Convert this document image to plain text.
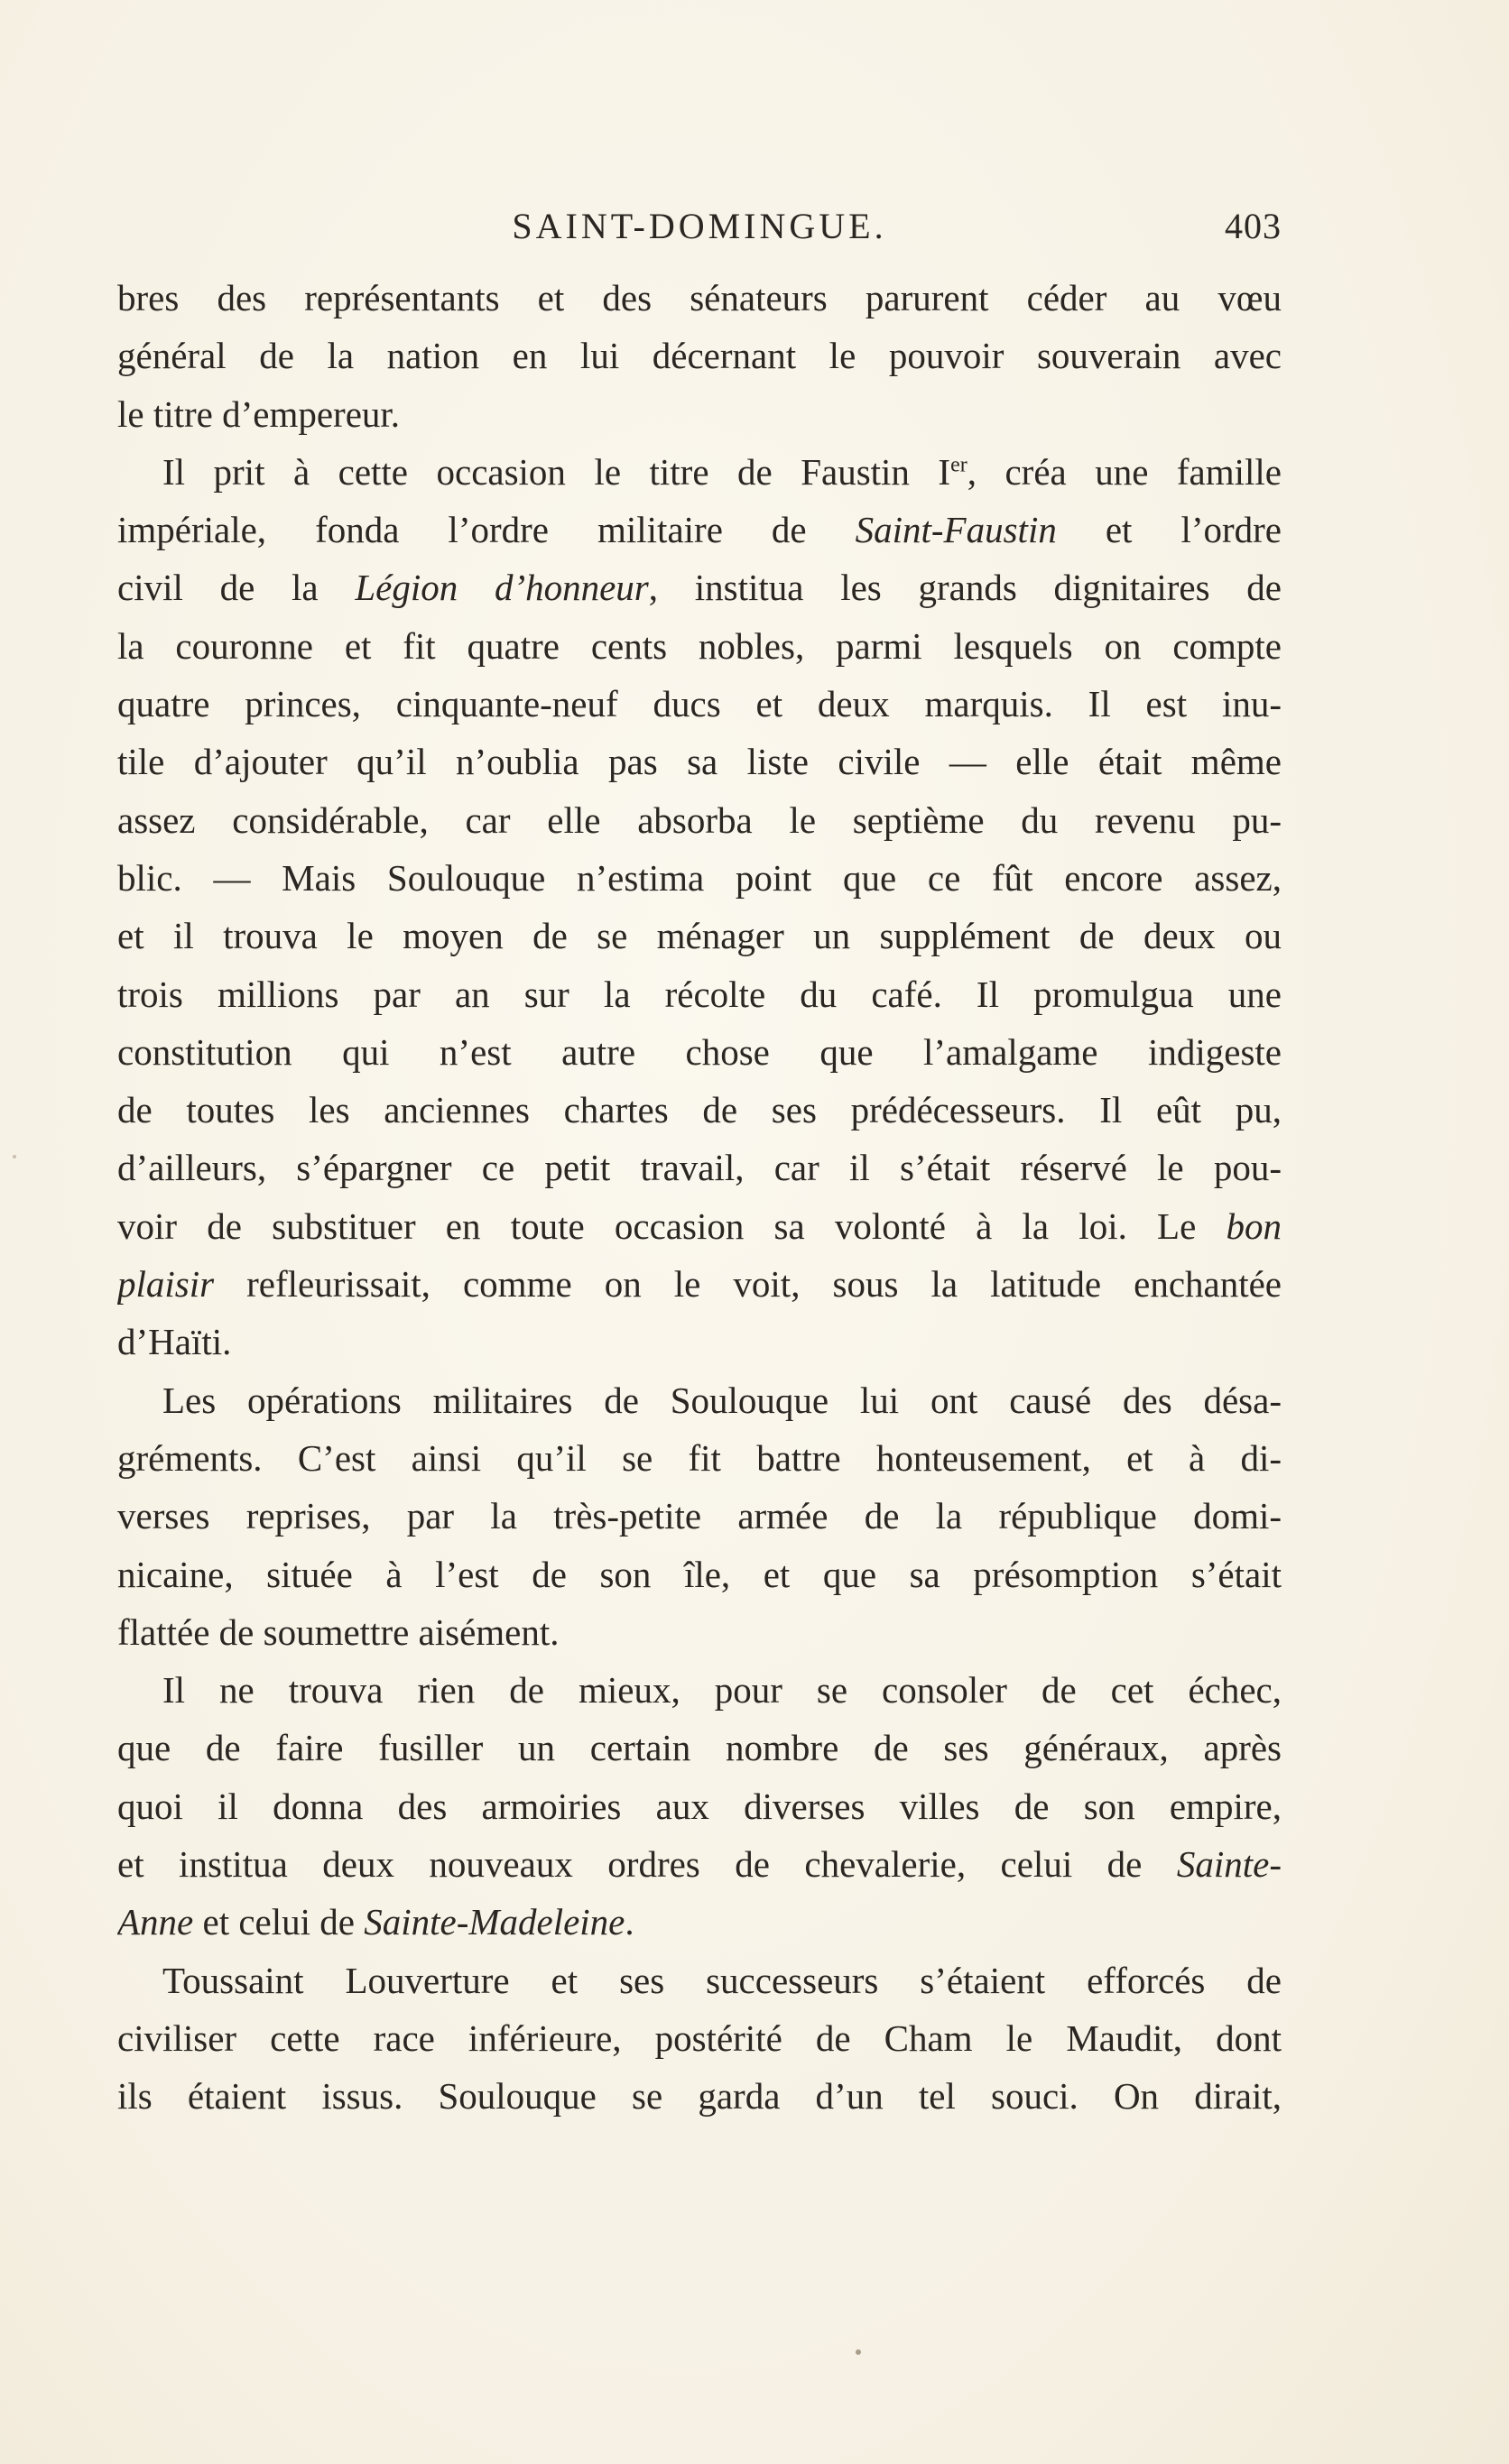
SAINT-DOMINGUE.	403
bres des représentants et des sénateurs parurent céder au vœu
général de la nation en lui décernant le pouvoir souverain avec
le titre d’empereur.
Il prit à cette occasion le titre de Faustin Ier, créa une famille
impériale, fonda l’ordre militaire de Saint-Faustin et l’ordre
civil de la Légion d’honneur, institua les grands dignitaires de
la couronne et fit quatre cents nobles, parmi lesquels on compte
quatre princes, cinquante-neuf ducs et deux marquis. Il est inu-
tile d’ajouter qu’il n’oublia pas sa liste civile — elle était même
assez considérable, car elle absorba le septième du revenu pu-
blic. — Mais Soulouque n’estima point que ce fût encore assez,
et il trouva le moyen de se ménager un supplément de deux ou
trois millions par an sur la récolte du café. Il promulgua une
constitution qui n’est autre chose que l’amalgame indigeste
de toutes les anciennes chartes de ses prédécesseurs. Il eût pu,
d’ailleurs, s’épargner ce petit travail, car il s’était réservé le pou-
voir de substituer en toute occasion sa volonté à la loi. Le bon
plaisir refleurissait, comme on le voit, sous la latitude enchantée
d’Haïti.
Les opérations militaires de Soulouque lui ont causé des désa-
gréments. C’est ainsi qu’il se fit battre honteusement, et à di-
verses reprises, par la très-petite armée de la république domi-
nicaine, située à l’est de son île, et que sa présomption s’était
flattée de soumettre aisément.
Il ne trouva rien de mieux, pour se consoler de cet échec,
que de faire fusiller un certain nombre de ses généraux, après
quoi il donna des armoiries aux diverses villes de son empire,
et institua deux nouveaux ordres de chevalerie, celui de Sainte-
Anne et celui de Sainte-Madeleine.
Toussaint Louverture et ses successeurs s’étaient efforcés de
civiliser cette race inférieure, postérité de Cham le Maudit, dont
ils étaient issus. Soulouque se garda d’un tel souci. On dirait,
